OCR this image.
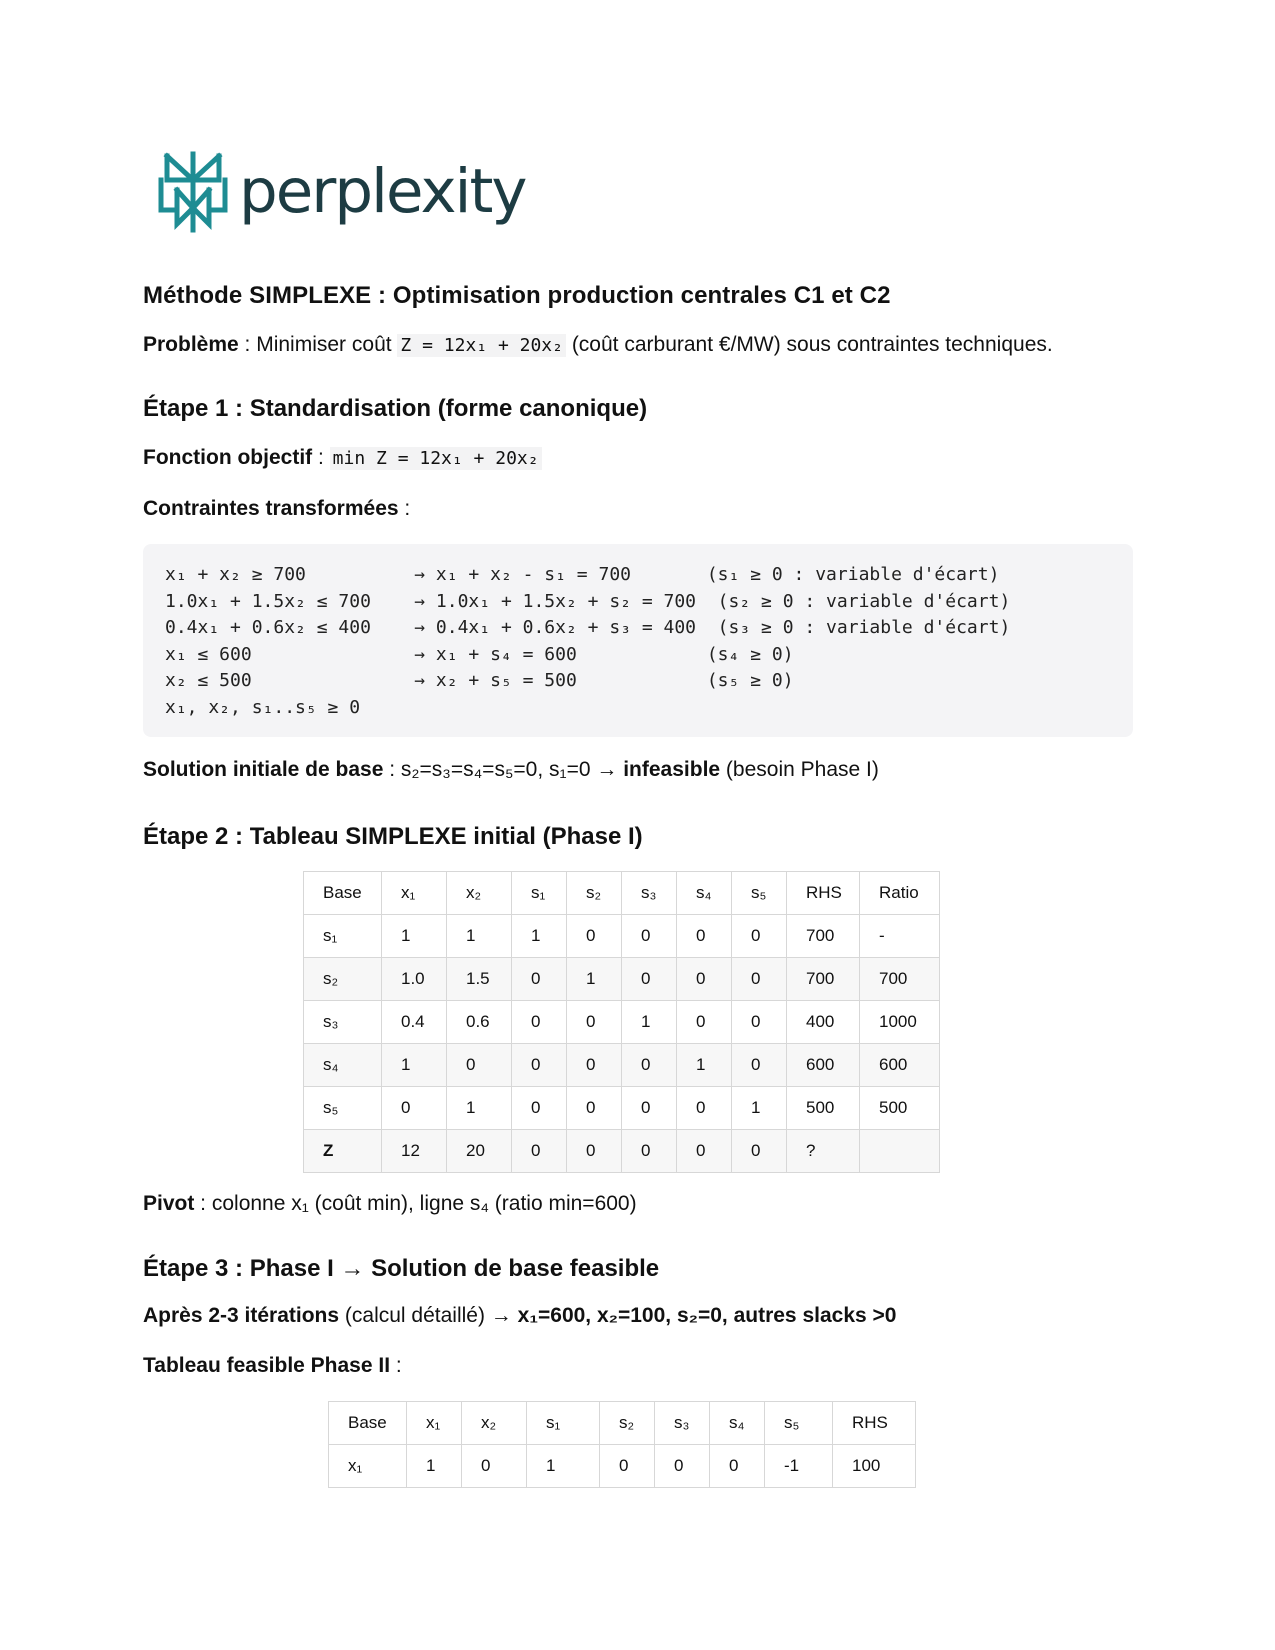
perplexity
Méthode SIMPLEXE : Optimisation production centrales C1 et C2

Problème : Minimiser coût Z = 12x₁ + 20x₂ (coût carburant €/MW) sous contraintes techniques.

Étape 1 : Standardisation (forme canonique)

Fonction objectif : min Z = 12x₁ + 20x₂

Contraintes transformées :

x₁ + x₂ ≥ 700          → x₁ + x₂ - s₁ = 700       (s₁ ≥ 0 : variable d'écart)
1.0x₁ + 1.5x₂ ≤ 700    → 1.0x₁ + 1.5x₂ + s₂ = 700  (s₂ ≥ 0 : variable d'écart)
0.4x₁ + 0.6x₂ ≤ 400    → 0.4x₁ + 0.6x₂ + s₃ = 400  (s₃ ≥ 0 : variable d'écart)
x₁ ≤ 600               → x₁ + s₄ = 600            (s₄ ≥ 0)
x₂ ≤ 500               → x₂ + s₅ = 500            (s₅ ≥ 0)
x₁, x₂, s₁..s₅ ≥ 0

Solution initiale de base : s₂=s₃=s₄=s₅=0, s₁=0 → infeasible (besoin Phase I)

Étape 2 : Tableau SIMPLEXE initial (Phase I)
Base	x₁	x₂	s₁	s₂	s₃	s₄	s₅	RHS	Ratio
s₁	1	1	1	0	0	0	0	700	-
s₂	1.0	1.5	0	1	0	0	0	700	700
s₃	0.4	0.6	0	0	1	0	0	400	1000
s₄	1	0	0	0	0	1	0	600	600
s₅	0	1	0	0	0	0	1	500	500
Z	12	20	0	0	0	0	0	?	

Pivot : colonne x₁ (coût min), ligne s₄ (ratio min=600)

Étape 3 : Phase I → Solution de base feasible

Après 2-3 itérations (calcul détaillé) → x₁=600, x₂=100, s₂=0, autres slacks >0

Tableau feasible Phase II :

Base	x₁	x₂	s₁	s₂	s₃	s₄	s₅	RHS
x₁	1	0	1	0	0	0	-1	100
